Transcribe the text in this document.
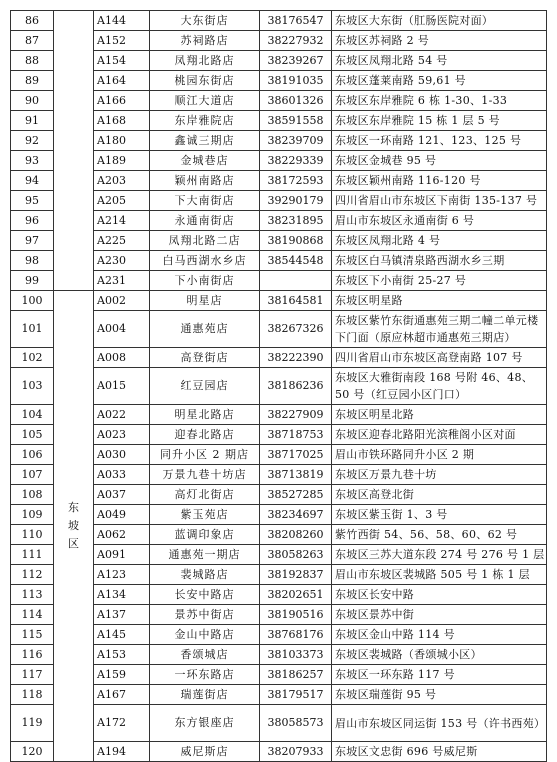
86		A144	大东街店	38176547	东坡区大东街（肛肠医院对面）
87		A152	苏祠路店	38227932	东坡区苏祠路 2 号
88		A154	凤翔北路店	38239267	东坡区凤翔北路 54 号
89		A164	桃园东街店	38191035	东坡区蓬莱南路 59,61 号
90		A166	顺江大道店	38601326	东坡区东岸雅院 6 栋 1-30、1-33
91		A168	东岸雅院店	38591558	东坡区东岸雅院 15 栋 1 层 5 号
92		A180	鑫诚三期店	38239709	东坡区一环南路 121、123、125 号
93		A189	金城巷店	38229339	东坡区金城巷 95 号
94		A203	颖州南路店	38172593	东坡区颖州南路 116-120 号
95		A205	下大南街店	39290179	四川省眉山市东坡区下南街 135-137 号
96		A214	永通南街店	38231895	眉山市东坡区永通南街 6 号
97		A225	凤翔北路二店	38190868	东坡区凤翔北路 4 号
98		A230	白马西湖水乡店	38544548	东坡区白马镇清泉路西湖水乡三期
99		A231	下小南街店		东坡区下小南街 25-27 号
100	东坡区	A002	明星店	38164581	东坡区明星路
101		A004	通惠苑店	38267326	东坡区紫竹东街通惠苑三期二幢二单元楼下门面（原应林超市通惠苑三期店）
102		A008	高登街店	38222390	四川省眉山市东坡区高登南路 107 号
103		A015	红豆园店	38186236	东坡区大雅街南段 168 号附 46、48、50 号（红豆园小区门口）
104		A022	明星北路店	38227909	东坡区明星北路
105		A023	迎春北路店	38718753	东坡区迎春北路阳光滨稚阁小区对面
106		A030	同升小区 2 期店	38717025	眉山市铁环路同升小区 2 期
107		A033	万景九巷十坊店	38713819	东坡区万景九巷十坊
108		A037	高灯北街店	38527285	东坡区高登北街
109		A049	紫玉苑店	38234697	东坡区紫玉街 1、3 号
110		A062	蓝调印象店	38208260	紫竹西街 54、56、58、60、62 号
111		A091	通惠苑一期店	38058263	东坡区三苏大道东段 274 号 276 号 1 层
112		A123	裴城路店	38192837	眉山市东坡区裴城路 505 号 1 栋 1 层
113		A134	长安中路店	38202651	东坡区长安中路
114		A137	景苏中街店	38190516	东坡区景苏中街
115		A145	金山中路店	38768176	东坡区金山中路 114 号
116		A153	香颂城店	38103373	东坡区裴城路（香颂城小区）
117		A159	一环东路店	38186257	东坡区一环东路 117 号
118		A167	瑞莲街店	38179517	东坡区瑞莲街 95 号
119		A172	东方银座店	38058573	眉山市东坡区同运街 153 号（许书西苑）
120		A194	威尼斯店	38207933	东坡区文忠街 696 号威尼斯
